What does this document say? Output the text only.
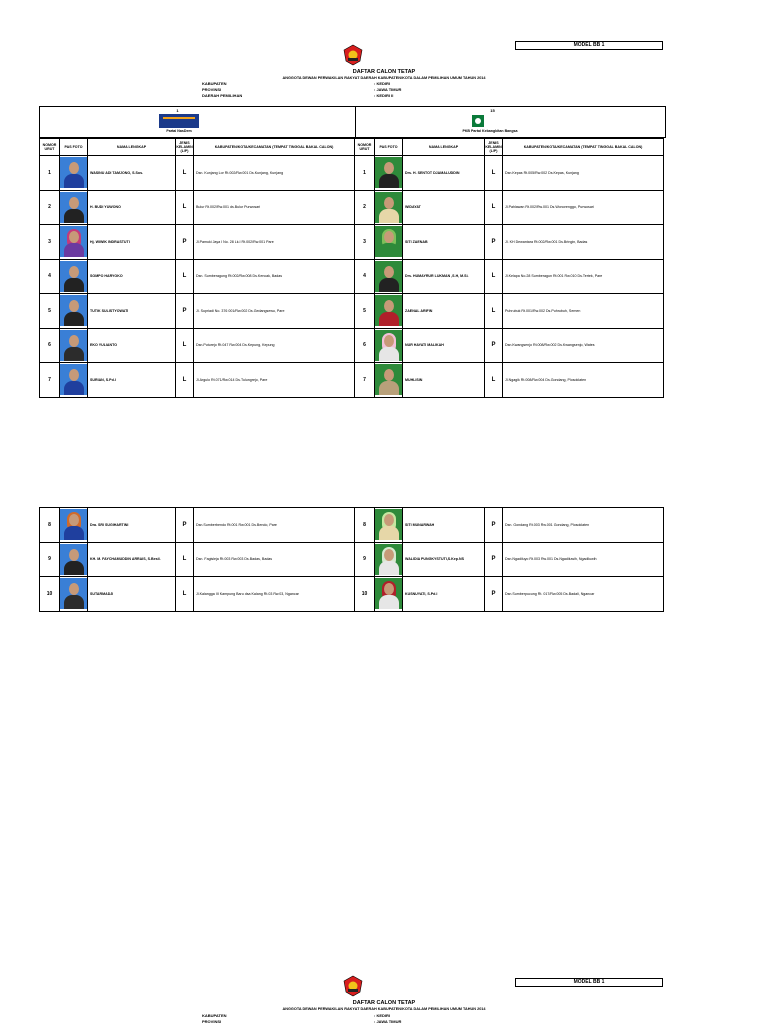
MODEL BB 1
DAFTAR CALON TETAP
ANGGOTA DEWAN PERWAKILAN RAKYAT DAERAH KABUPATEN/KOTA DALAM PEMILIHAN UMUM TAHUN 2014
KABUPATEN	: KEDIRI
PROVINSI	: JAWA TIMUR
DAERAH PEMILIHAN	: KEDIRI II
1
Partai NasDem

15
PKB Partai Kebangkitan Bangsa
NOMOR URUT	PAS FOTO	NAMA LENGKAP	JENIS KELAMIN (L/P)	KABUPATEN/KOTA/KECAMATAN (TEMPAT TINGGAL BAKAL CALON)	NOMOR URUT	PAS FOTO	NAMA LENGKAP	JENIS KELAMIN (L/P)	KABUPATEN/KOTA/KECAMATAN (TEMPAT TINGGAL BAKAL CALON)
1		WASINU ADI TAMJONO, S.Sos.	L	Dsn. Kunjang Lor Rt.002/Rw.001 Ds.Kunjang, Kunjang	1		Drs. H. SENTOT DJAMALUDDIN	L	Dsn.Kepas Rt.005/Rw.002 Ds.Kepas, Kunjang
2		H. BUDI YUWONO	L	Bulur Rt.002/Rw.001 ds.Bulur Purwosari	2		WIDAYAT	L	Jl.Pahlawan Rt.002/Rw.001 Ds.Wonorenggo, Purwosari
3		Hj. WIWIK INDRASTUTI	P	Jl.Pamuki Jaya I No. 28 Lk.I Rt.002/Rw.001 Pare	3		SITI ZAENAB	P	Jl. KH Dewantara Rt.002/Rw.001 Ds.Bringin, Badas
4		SOMPO HARYOKO	L	Dsn. Sumberagung Rt.002/Rw.008 Ds.Kencak, Badas	4		Drs. HUMAYRUR LUKMAN ,S.H, M.Si.	L	Jl.Kelapa No.28 Sumberagun Rt.001 Rw.010 Ds.Tertek, Pare
5		TUTIK SULISTYOWATI	P	Jl. Supriadi No. 376 001/Rw.002 Ds.Gedangsewu, Pare	5		ZAENAL ARIFIN	L	Puhrubuk Rt.001/Rw.002 Ds.Puhrubuh, Semen
6		EKO YULIANTO	L	Dsn.Puturejo Rt.047 Rw.004 Ds.Kepung, Kepung	6		NUR HAYATI MALIKAH	P	Dsn.Kwangsenjo Rt.008/Rw.002 Ds.Kwangsenjo, Wates
7		SURIAN, S.Pd.I	L	Jl.Argulo Rt.071/Rw.014 Ds.Tulungrejo, Pare	7		MUHLISIN	L	Jl.Ngagik Rt.008/Rw.004 Ds.Gondang, Plosoklaten
8		Dra. SRI SUGIHARTINI	P	Dsn.Sumberbendo Rt.001 Rw.001 Ds.Bendo, Pare	8		SITI MUNARWAH	P	Dsn. Gondang Rt.003 Rw.001 Gondang, Plosoklaten
9		KH. M. FAYCHAMUDDIN ARRAIS, S.Besil.	L	Dsn. Fagisleja Rt.003 Rw.003 Ds.Badas, Badas	9		WALIDIA PUNGKYSTUTI,S.Kep.NS	P	Dsn.Ngadiluyo Rt.003 Rw.001 Ds.Ngadiluwih, Ngadiluwih
10		SUTARMADJI	L	Jl.Kalangga III Kampung Baru dsa Kalang Rt.03 Rw.03, Ngancar	10		KUSNUYATI, S.Pd.I	P	Dsn.Sumberpucung Rt. 017/Rw.005 Ds.Badali, Ngancar
MODEL BB 1
DAFTAR CALON TETAP
ANGGOTA DEWAN PERWAKILAN RAKYAT DAERAH KABUPATEN/KOTA DALAM PEMILIHAN UMUM TAHUN 2014
KABUPATEN	: KEDIRI
PROVINSI	: JAWA TIMUR
